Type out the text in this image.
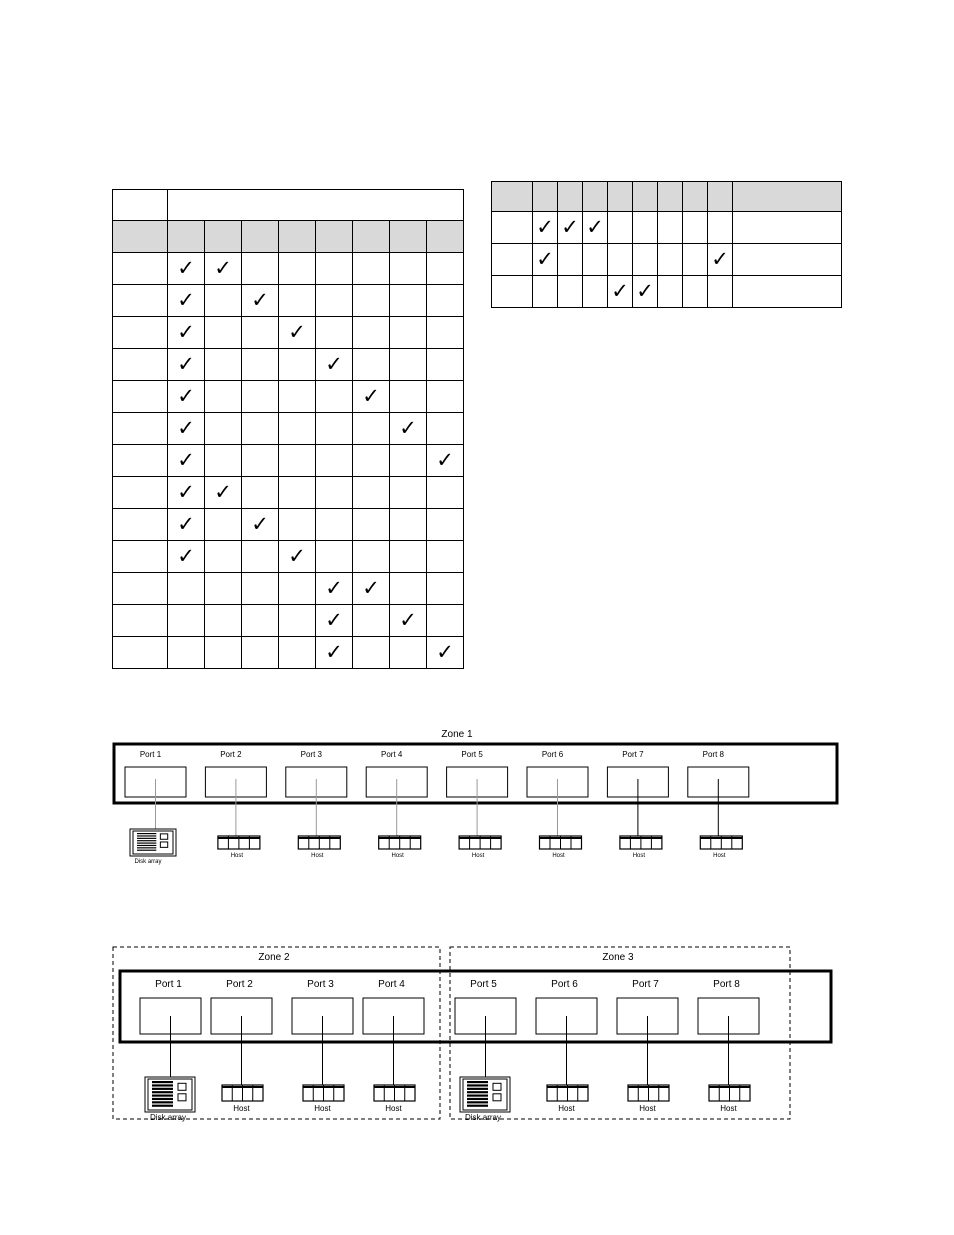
	✓	✓						
	✓		✓					
	✓			✓				
	✓				✓			
	✓					✓		
	✓						✓	
	✓							✓
	✓	✓						
	✓		✓					
	✓			✓				
					✓	✓		
					✓		✓	
					✓			✓

	✓	✓	✓						
	✓							✓	
				✓	✓				
Zone 1
Port 1	Port 2	Port 3	Port 4	Port 5	Port 6	Port 7	Port 8
Disk array
Host	Host	Host	Host	Host	Host	Host
Zone 2	Zone 3
Port 1	Port 2	Port 3	Port 4	Port 5	Port 6	Port 7	Port 8
Disk array
Host	Host	Host
Disk array
Host	Host	Host
